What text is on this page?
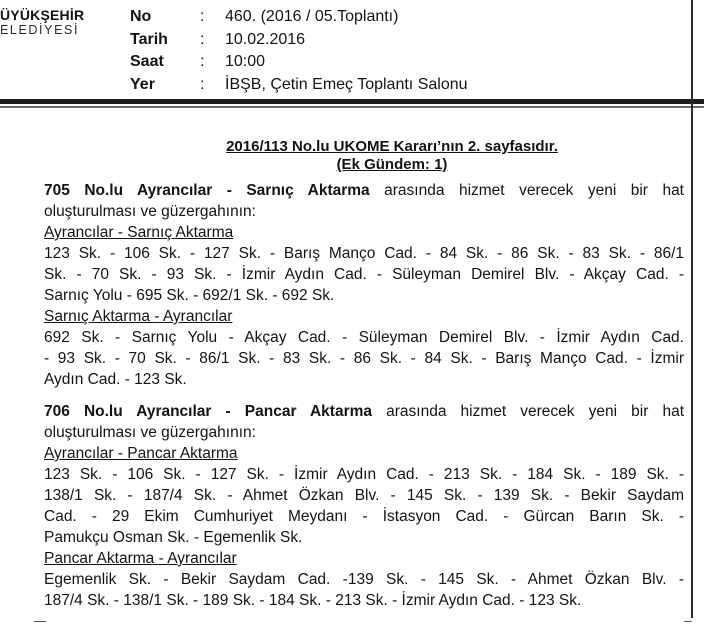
ÜYÜKŞEHİR
ELEDİYESİ
No	: 460. (2016 / 05.Toplantı)
Tarih : 10.02.2016
Saat : 10:00
Yer	: İBŞB, Çetin Emeç Toplantı Salonu
2016/113 No.lu UKOME Kararı’nın 2. sayfasıdır.
(Ek Gündem: 1)
705 No.lu Ayrancılar - Sarnıç Aktarma arasında hizmet verecek yeni bir hat
oluşturulması ve güzergahının:
Ayrancılar - Sarnıç Aktarma
123 Sk. - 106 Sk. - 127 Sk. - Barış Manço Cad. - 84 Sk. - 86 Sk. - 83 Sk. - 86/1
Sk. - 70 Sk. - 93 Sk. - İzmir Aydın Cad. - Süleyman Demirel Blv. - Akçay Cad. -
Sarnıç Yolu - 695 Sk. - 692/1 Sk. - 692 Sk.
Sarnıç Aktarma - Ayrancılar
692 Sk. - Sarnıç Yolu - Akçay Cad. - Süleyman Demirel Blv. - İzmir Aydın Cad.
- 93 Sk. - 70 Sk. - 86/1 Sk. - 83 Sk. - 86 Sk. - 84 Sk. - Barış Manço Cad. - İzmir
Aydın Cad. - 123 Sk.
706 No.lu Ayrancılar - Pancar Aktarma arasında hizmet verecek yeni bir hat
oluşturulması ve güzergahının:
Ayrancılar - Pancar Aktarma
123 Sk. - 106 Sk. - 127 Sk. - İzmir Aydın Cad. - 213 Sk. - 184 Sk. - 189 Sk. -
138/1 Sk. - 187/4 Sk. - Ahmet Özkan Blv. - 145 Sk. - 139 Sk. - Bekir Saydam
Cad. - 29 Ekim Cumhuriyet Meydanı - İstasyon Cad. - Gürcan Barın Sk. -
Pamukçu Osman Sk. - Egemenlik Sk.
Pancar Aktarma - Ayrancılar
Egemenlik Sk. - Bekir Saydam Cad. -139 Sk. - 145 Sk. - Ahmet Özkan Blv. -
187/4 Sk. - 138/1 Sk. - 189 Sk. - 184 Sk. - 213 Sk. - İzmir Aydın Cad. - 123 Sk.
